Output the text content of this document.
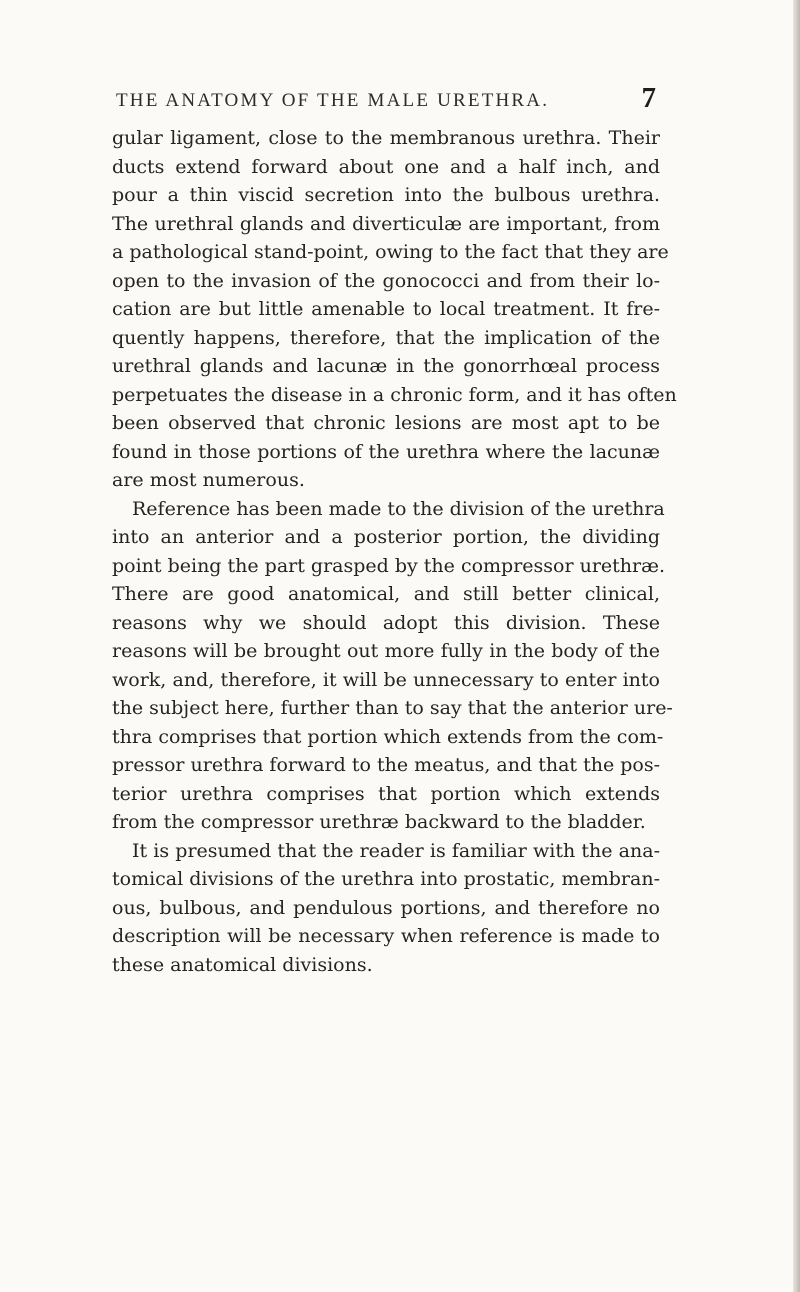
THE ANATOMY OF THE MALE URETHRA.	7
gular ligament, close to the membranous urethra. Their
ducts extend forward about one and a half inch, and
pour a thin viscid secretion into the bulbous urethra.
The urethral glands and diverticulæ are important, from
a pathological stand-point, owing to the fact that they are
open to the invasion of the gonococci and from their lo-
cation are but little amenable to local treatment. It fre-
quently happens, therefore, that the implication of the
urethral glands and lacunæ in the gonorrhœal process
perpetuates the disease in a chronic form, and it has often
been observed that chronic lesions are most apt to be
found in those portions of the urethra where the lacunæ
are most numerous.
Reference has been made to the division of the urethra
into an anterior and a posterior portion, the dividing
point being the part grasped by the compressor urethræ.
There are good anatomical, and still better clinical,
reasons why we should adopt this division. These
reasons will be brought out more fully in the body of the
work, and, therefore, it will be unnecessary to enter into
the subject here, further than to say that the anterior ure-
thra comprises that portion which extends from the com-
pressor urethra forward to the meatus, and that the pos-
terior urethra comprises that portion which extends
from the compressor urethræ backward to the bladder.
It is presumed that the reader is familiar with the ana-
tomical divisions of the urethra into prostatic, membran-
ous, bulbous, and pendulous portions, and therefore no
description will be necessary when reference is made to
these anatomical divisions.
